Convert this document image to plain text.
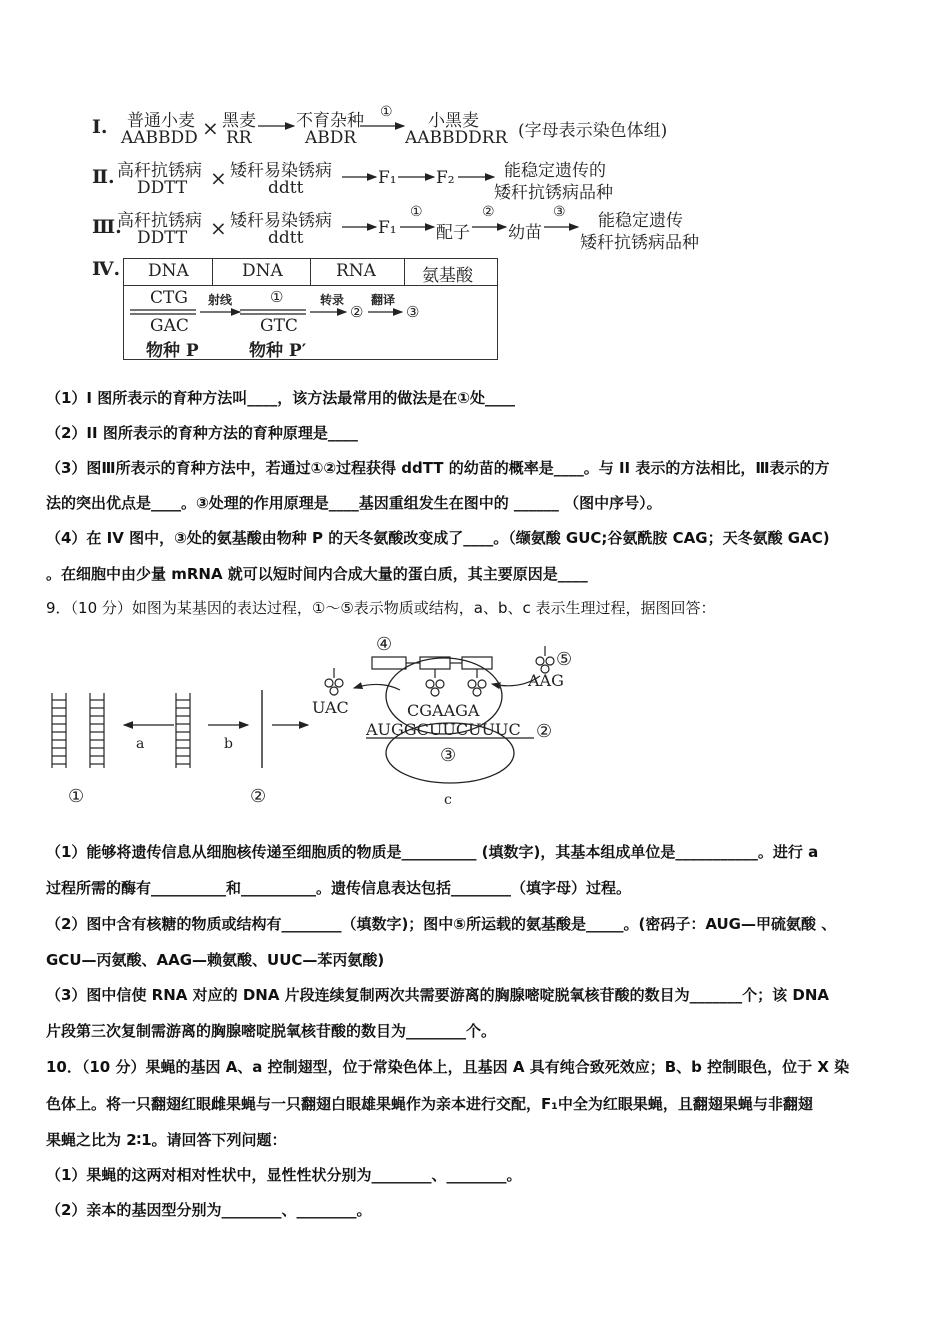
Ⅰ. 普通小麦
AABBDD × 黑麦
RR
不育杂种
ABDR
① 小黑麦
AABBDDRR (字母表示染色体组)
Ⅱ. 高秆抗锈病
DDTT × 矮秆易染锈病
ddtt	F₁ F₂	能稳定遗传的
矮秆抗锈病品种
Ⅲ.
高秆抗锈病
DDTT × 矮秆易染锈病
ddtt	F₁
①
配子
②
幼苗
③ 能稳定遗传
矮秆抗锈病品种
Ⅳ. DNA	DNA	RNA	氨基酸
CTG
GAC
物种 P
射线	①
GTC
物种 P′
转录
②
翻译
③
（1）I 图所表示的育种方法叫____，该方法最常用的做法是在①处____
（2）II 图所表示的育种方法的育种原理是____
（3）图Ⅲ所表示的育种方法中，若通过①②过程获得 ddTT 的幼苗的概率是____。与 II 表示的方法相比，Ⅲ表示的方
法的突出优点是____。③处理的作用原理是____基因重组发生在图中的 ______ （图中序号）。
（4）在 IV 图中，③处的氨基酸由物种 P 的天冬氨酸改变成了____。（缬氨酸 GUC;谷氨酰胺 CAG；天冬氨酸 GAC)
。在细胞中由少量 mRNA 就可以短时间内合成大量的蛋白质，其主要原因是____
9．（10 分）如图为某基因的表达过程，①～⑤表示物质或结构，a、b、c 表示生理过程，据图回答：
a	b
c
①	②
②
③
④
⑤
UAC
AAG
CGAAGA
AUGGCUUCUUUC
（1）能够将遗传信息从细胞核传递至细胞质的物质是__________ (填数字)，其基本组成单位是___________。进行 a
过程所需的酶有__________和__________。遗传信息表达包括________（填字母）过程。
（2）图中含有核糖的物质或结构有________（填数字)；图中⑤所运载的氨基酸是_____。(密码子：AUG—甲硫氨酸 、
GCU—丙氨酸、AAG—赖氨酸、UUC—苯丙氨酸)
（3）图中信使 RNA 对应的 DNA 片段连续复制两次共需要游离的胸腺嘧啶脱氧核苷酸的数目为_______个；该 DNA
片段第三次复制需游离的胸腺嘧啶脱氧核苷酸的数目为________个。
10．（10 分）果蝇的基因 A、a 控制翅型，位于常染色体上，且基因 A 具有纯合致死效应；B、b 控制眼色，位于 X 染
色体上。将一只翻翅红眼雌果蝇与一只翻翅白眼雄果蝇作为亲本进行交配，F₁中全为红眼果蝇，且翻翅果蝇与非翻翅
果蝇之比为 2∶1。请回答下列问题：
（1）果蝇的这两对相对性状中，显性性状分别为________、________。
（2）亲本的基因型分别为________、________。
